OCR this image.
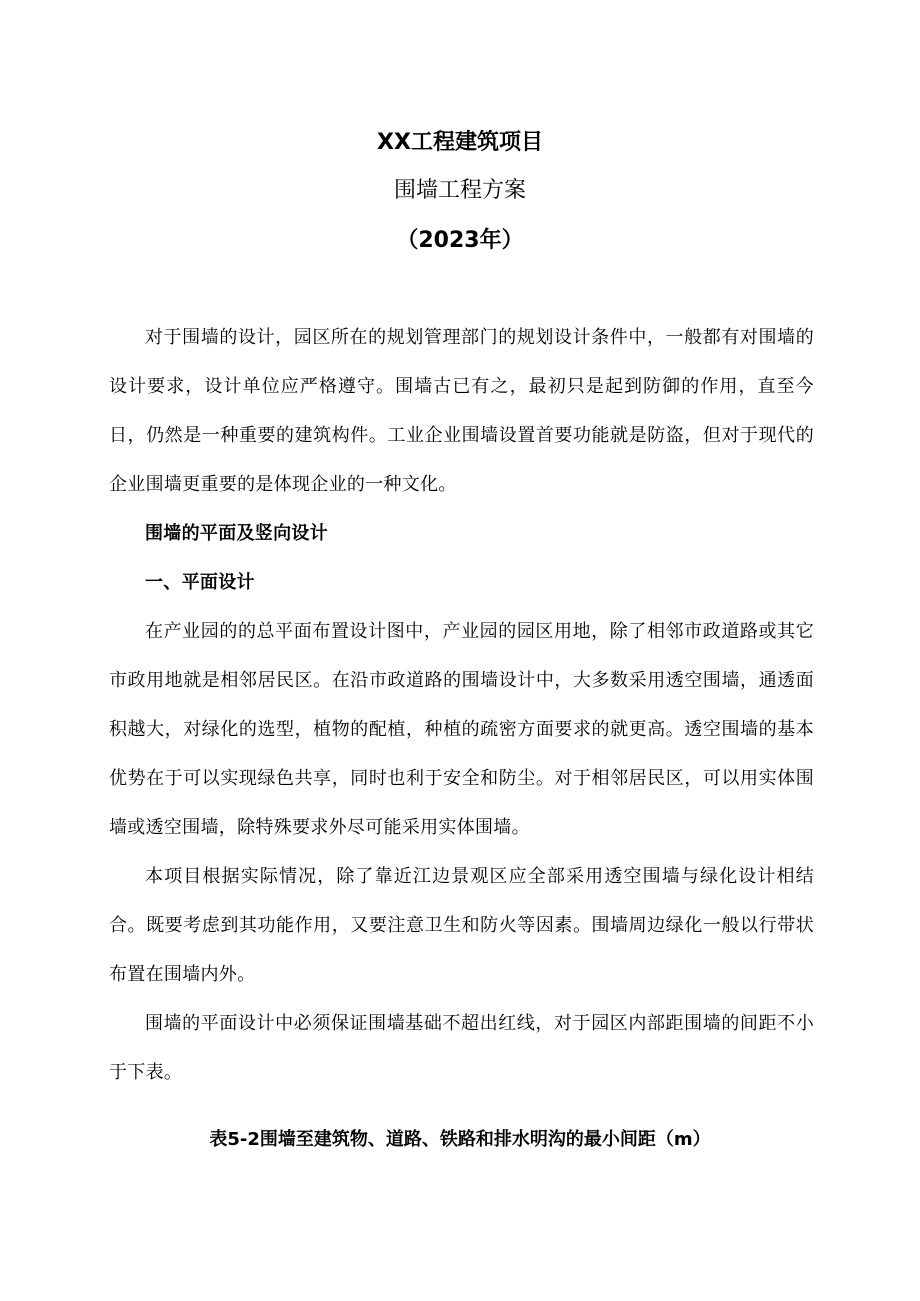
XX工程建筑项目
围墙工程方案
（2023年）

对于围墙的设计，园区所在的规划管理部门的规划设计条件中，一般都有对围墙的设计要求，设计单位应严格遵守。围墙古已有之，最初只是起到防御的作用，直至今日，仍然是一种重要的建筑构件。工业企业围墙设置首要功能就是防盗，但对于现代的企业围墙更重要的是体现企业的一种文化。

围墙的平面及竖向设计

一、平面设计

在产业园的的总平面布置设计图中，产业园的园区用地，除了相邻市政道路或其它市政用地就是相邻居民区。在沿市政道路的围墙设计中，大多数采用透空围墙，通透面积越大，对绿化的选型，植物的配植，种植的疏密方面要求的就更高。透空围墙的基本优势在于可以实现绿色共享，同时也利于安全和防尘。对于相邻居民区，可以用实体围墙或透空围墙，除特殊要求外尽可能采用实体围墙。

本项目根据实际情况，除了靠近江边景观区应全部采用透空围墙与绿化设计相结合。既要考虑到其功能作用，又要注意卫生和防火等因素。围墙周边绿化一般以行带状布置在围墙内外。

围墙的平面设计中必须保证围墙基础不超出红线，对于园区内部距围墙的间距不小于下表。

表5-2围墙至建筑物、道路、铁路和排水明沟的最小间距（m）
